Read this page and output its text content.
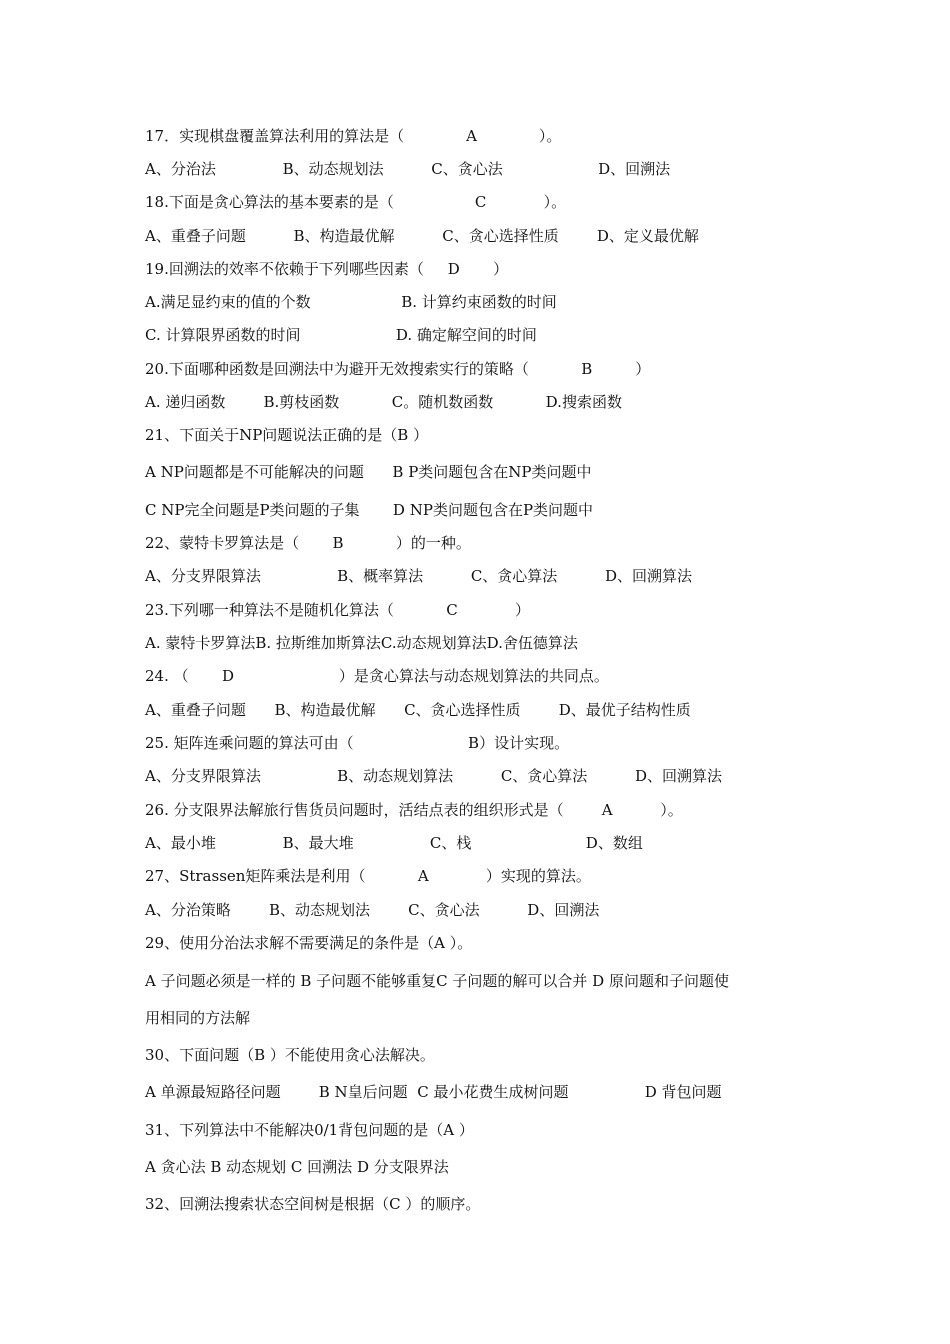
17．实现棋盘覆盖算法利用的算法是（             A             ）。
A、分治法              B、动态规划法          C、贪心法                    D、回溯法
18.下面是贪心算法的基本要素的是（                 C            ）。
A、重叠子问题          B、构造最优解          C、贪心选择性质        D、定义最优解
19.回溯法的效率不依赖于下列哪些因素（     D       ）
A.满足显约束的值的个数                   B. 计算约束函数的时间
C. 计算限界函数的时间                    D. 确定解空间的时间
20.下面哪种函数是回溯法中为避开无效搜索实行的策略（           B         ）
A. 递归函数        B.剪枝函数           C。随机数函数           D.搜索函数
21、下面关于NP问题说法正确的是（B ）
A NP问题都是不可能解决的问题      B P类问题包含在NP类问题中
C NP完全问题是P类问题的子集       D NP类问题包含在P类问题中
22、蒙特卡罗算法是（       B           ）的一种。
A、分支界限算法                B、概率算法          C、贪心算法          D、回溯算法
23.下列哪一种算法不是随机化算法（           C            ）
A. 蒙特卡罗算法B. 拉斯维加斯算法C.动态规划算法D.舍伍德算法
24. （       D                      ）是贪心算法与动态规划算法的共同点。
A、重叠子问题      B、构造最优解      C、贪心选择性质        D、最优子结构性质
25. 矩阵连乘问题的算法可由（                        B）设计实现。
A、分支界限算法                B、动态规划算法          C、贪心算法          D、回溯算法
26. 分支限界法解旅行售货员问题时，活结点表的组织形式是（        A          ）。
A、最小堆              B、最大堆                C、栈                        D、数组
27、Strassen矩阵乘法是利用（           A            ）实现的算法。
A、分治策略        B、动态规划法        C、贪心法          D、回溯法
29、使用分治法求解不需要满足的条件是（A ）。
A 子问题必须是一样的 B 子问题不能够重复C 子问题的解可以合并 D 原问题和子问题使
用相同的方法解
30、下面问题（B ）不能使用贪心法解决。
A 单源最短路径问题        B N皇后问题  C 最小花费生成树问题                D 背包问题
31、下列算法中不能解决0/1背包问题的是（A ）
A 贪心法 B 动态规划 C 回溯法 D 分支限界法
32、回溯法搜索状态空间树是根据（C ）的顺序。
